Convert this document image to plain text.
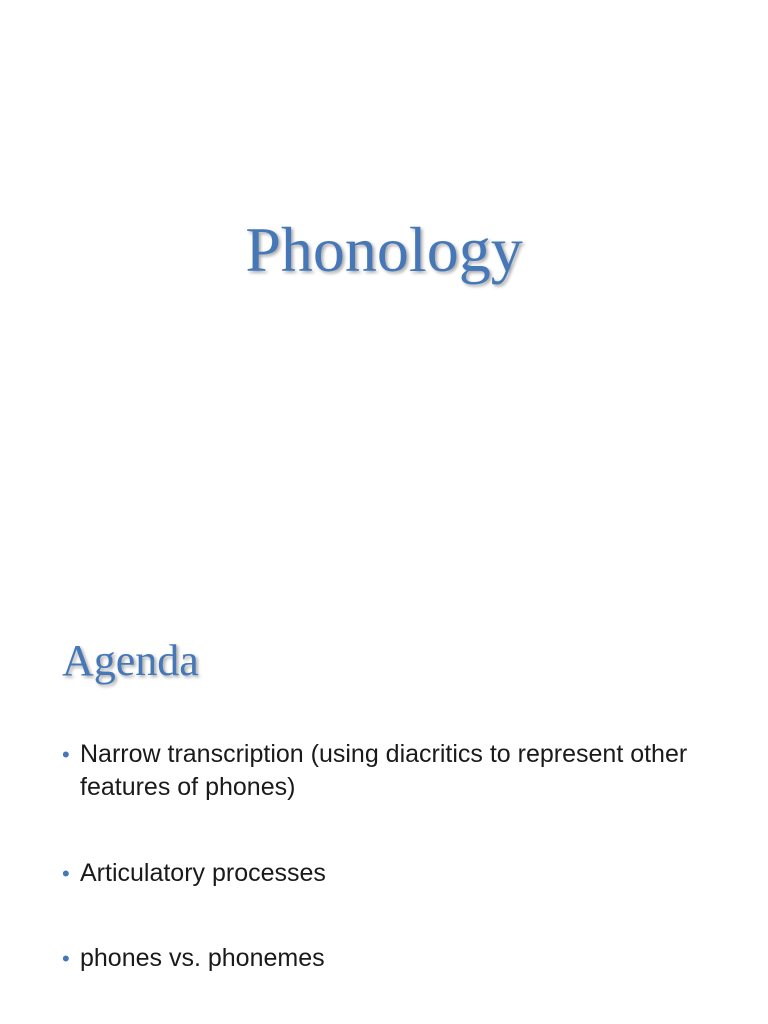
Phonology
Agenda
• Narrow transcription (using diacritics to represent other features of phones)
• Articulatory processes
• phones vs. phonemes
